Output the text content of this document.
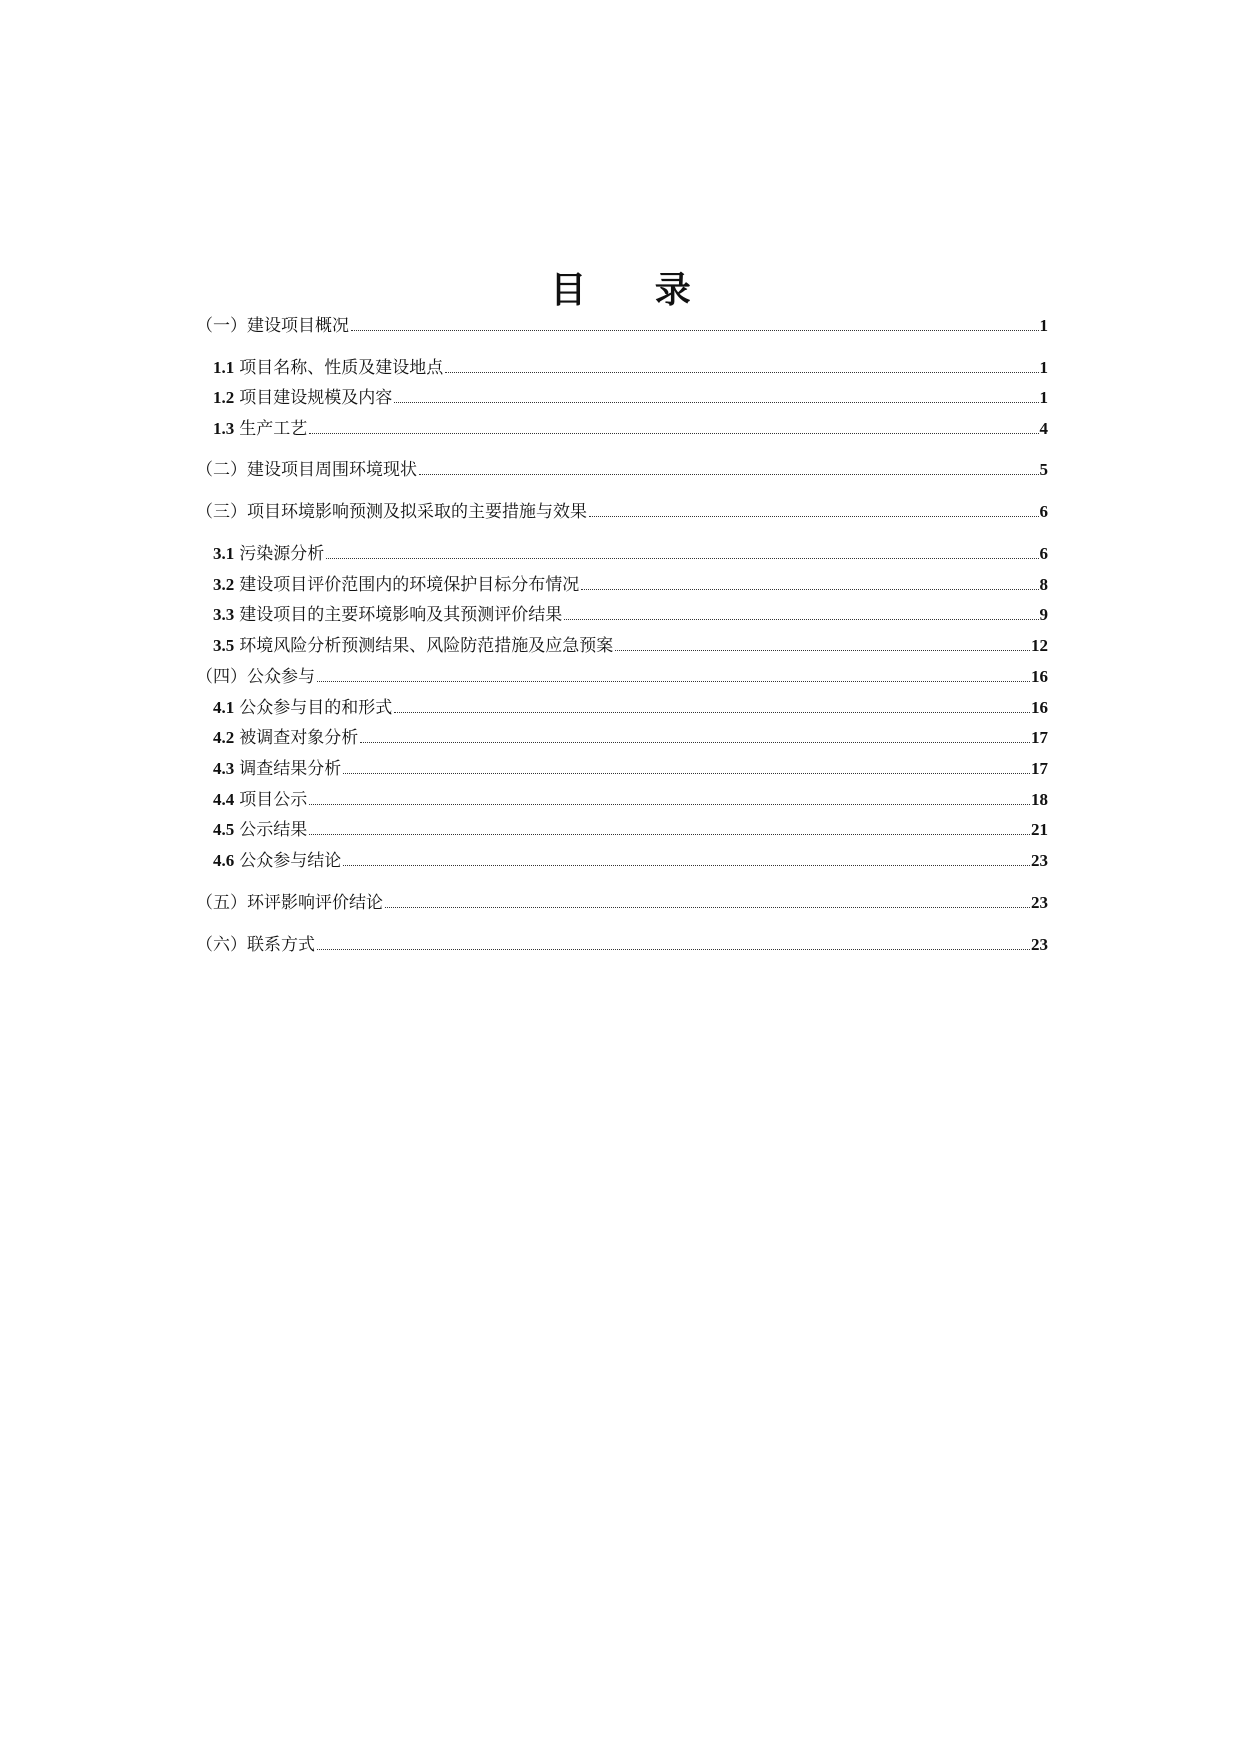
目 录
（一）建设项目概况	1
1.1 项目名称、性质及建设地点	1
1.2 项目建设规模及内容	1
1.3 生产工艺	4
（二）建设项目周围环境现状	5
（三）项目环境影响预测及拟采取的主要措施与效果	6
3.1 污染源分析	6
3.2 建设项目评价范围内的环境保护目标分布情况	8
3.3 建设项目的主要环境影响及其预测评价结果	9
3.5 环境风险分析预测结果、风险防范措施及应急预案	12
（四）公众参与	16
4.1 公众参与目的和形式	16
4.2 被调查对象分析	17
4.3 调查结果分析	17
4.4 项目公示	18
4.5 公示结果	21
4.6 公众参与结论	23
（五）环评影响评价结论	23
（六）联系方式	23
